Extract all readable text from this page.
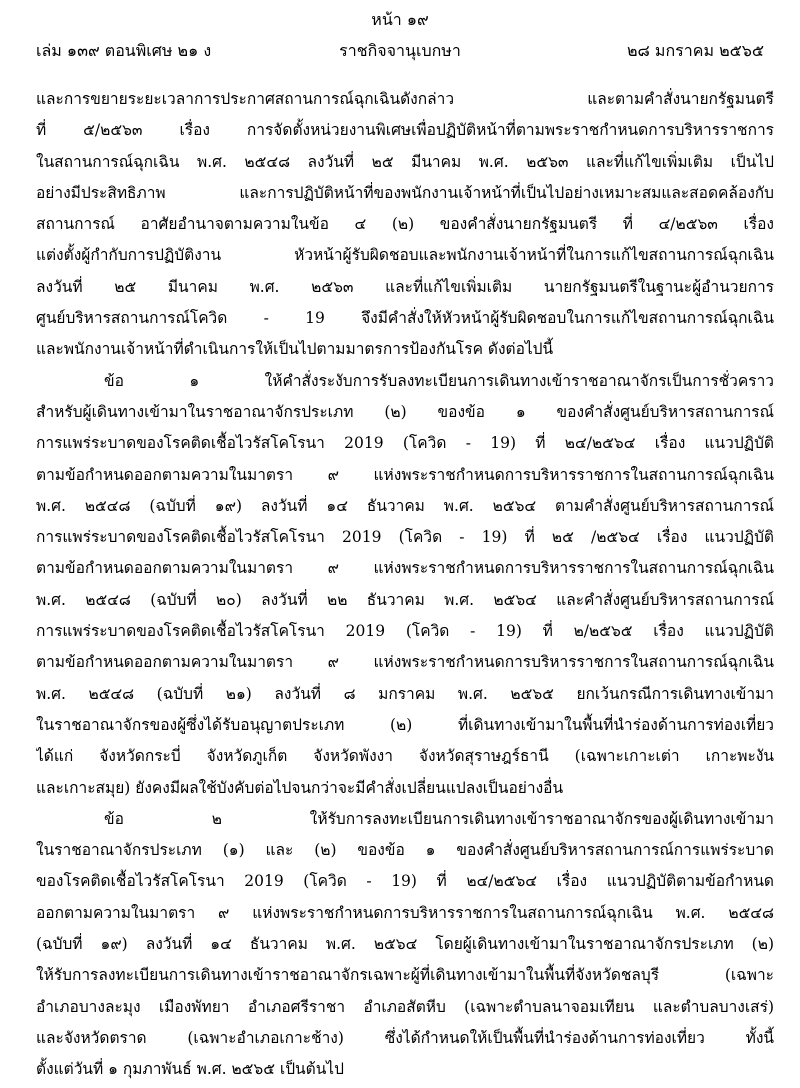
หน้า ๑๙
เล่ม ๑๓๙ ตอนพิเศษ ๒๑ ง	ราชกิจจานุเบกษา	๒๘ มกราคม ๒๕๖๕
และการขยายระยะเวลาการประกาศสถานการณ์ฉุกเฉินดังกล่าว และตามคำสั่งนายกรัฐมนตรี
ที่ ๕/๒๕๖๓ เรื่อง การจัดตั้งหน่วยงานพิเศษเพื่อปฏิบัติหน้าที่ตามพระราชกำหนดการบริหารราชการ
ในสถานการณ์ฉุกเฉิน พ.ศ. ๒๕๔๘ ลงวันที่ ๒๕ มีนาคม พ.ศ. ๒๕๖๓ และที่แก้ไขเพิ่มเติม เป็นไป
อย่างมีประสิทธิภาพ และการปฏิบัติหน้าที่ของพนักงานเจ้าหน้าที่เป็นไปอย่างเหมาะสมและสอดคล้องกับ
สถานการณ์ อาศัยอำนาจตามความในข้อ ๔ (๒) ของคำสั่งนายกรัฐมนตรี ที่ ๔/๒๕๖๓ เรื่อง
แต่งตั้งผู้กำกับการปฏิบัติงาน หัวหน้าผู้รับผิดชอบและพนักงานเจ้าหน้าที่ในการแก้ไขสถานการณ์ฉุกเฉิน
ลงวันที่ ๒๕ มีนาคม พ.ศ. ๒๕๖๓ และที่แก้ไขเพิ่มเติม นายกรัฐมนตรีในฐานะผู้อำนวยการ
ศูนย์บริหารสถานการณ์โควิด - 19 จึงมีคำสั่งให้หัวหน้าผู้รับผิดชอบในการแก้ไขสถานการณ์ฉุกเฉิน
และพนักงานเจ้าหน้าที่ดำเนินการให้เป็นไปตามมาตรการป้องกันโรค ดังต่อไปนี้
ข้อ ๑ ให้คำสั่งระงับการรับลงทะเบียนการเดินทางเข้าราชอาณาจักรเป็นการชั่วคราว
สำหรับผู้เดินทางเข้ามาในราชอาณาจักรประเภท (๒) ของข้อ ๑ ของคำสั่งศูนย์บริหารสถานการณ์
การแพร่ระบาดของโรคติดเชื้อไวรัสโคโรนา 2019 (โควิด - 19) ที่ ๒๔/๒๕๖๔ เรื่อง แนวปฏิบัติ
ตามข้อกำหนดออกตามความในมาตรา ๙ แห่งพระราชกำหนดการบริหารราชการในสถานการณ์ฉุกเฉิน
พ.ศ. ๒๕๔๘ (ฉบับที่ ๑๙) ลงวันที่ ๑๔ ธันวาคม พ.ศ. ๒๕๖๔ ตามคำสั่งศูนย์บริหารสถานการณ์
การแพร่ระบาดของโรคติดเชื้อไวรัสโคโรนา 2019 (โควิด - 19) ที่ ๒๕ /๒๕๖๔ เรื่อง แนวปฏิบัติ
ตามข้อกำหนดออกตามความในมาตรา ๙ แห่งพระราชกำหนดการบริหารราชการในสถานการณ์ฉุกเฉิน
พ.ศ. ๒๕๔๘ (ฉบับที่ ๒๐) ลงวันที่ ๒๒ ธันวาคม พ.ศ. ๒๕๖๔ และคำสั่งศูนย์บริหารสถานการณ์
การแพร่ระบาดของโรคติดเชื้อไวรัสโคโรนา 2019 (โควิด - 19) ที่ ๒/๒๕๖๕ เรื่อง แนวปฏิบัติ
ตามข้อกำหนดออกตามความในมาตรา ๙ แห่งพระราชกำหนดการบริหารราชการในสถานการณ์ฉุกเฉิน
พ.ศ. ๒๕๔๘ (ฉบับที่ ๒๑) ลงวันที่ ๘ มกราคม พ.ศ. ๒๕๖๕ ยกเว้นกรณีการเดินทางเข้ามา
ในราชอาณาจักรของผู้ซึ่งได้รับอนุญาตประเภท (๒) ที่เดินทางเข้ามาในพื้นที่นำร่องด้านการท่องเที่ยว
ได้แก่ จังหวัดกระบี่ จังหวัดภูเก็ต จังหวัดพังงา จังหวัดสุราษฎร์ธานี (เฉพาะเกาะเต่า เกาะพะงัน
และเกาะสมุย) ยังคงมีผลใช้บังคับต่อไปจนกว่าจะมีคำสั่งเปลี่ยนแปลงเป็นอย่างอื่น
ข้อ ๒ ให้รับการลงทะเบียนการเดินทางเข้าราชอาณาจักรของผู้เดินทางเข้ามา
ในราชอาณาจักรประเภท (๑) และ (๒) ของข้อ ๑ ของคำสั่งศูนย์บริหารสถานการณ์การแพร่ระบาด
ของโรคติดเชื้อไวรัสโคโรนา 2019 (โควิด - 19) ที่ ๒๔/๒๕๖๔ เรื่อง แนวปฏิบัติตามข้อกำหนด
ออกตามความในมาตรา ๙ แห่งพระราชกำหนดการบริหารราชการในสถานการณ์ฉุกเฉิน พ.ศ. ๒๕๔๘
(ฉบับที่ ๑๙) ลงวันที่ ๑๔ ธันวาคม พ.ศ. ๒๕๖๔ โดยผู้เดินทางเข้ามาในราชอาณาจักรประเภท (๒)
ให้รับการลงทะเบียนการเดินทางเข้าราชอาณาจักรเฉพาะผู้ที่เดินทางเข้ามาในพื้นที่จังหวัดชลบุรี (เฉพาะ
อำเภอบางละมุง เมืองพัทยา อำเภอศรีราชา อำเภอสัตหีบ (เฉพาะตำบลนาจอมเทียน และตำบลบางเสร่)
และจังหวัดตราด (เฉพาะอำเภอเกาะช้าง) ซึ่งได้กำหนดให้เป็นพื้นที่นำร่องด้านการท่องเที่ยว ทั้งนี้
ตั้งแต่วันที่ ๑ กุมภาพันธ์ พ.ศ. ๒๕๖๕ เป็นต้นไป
